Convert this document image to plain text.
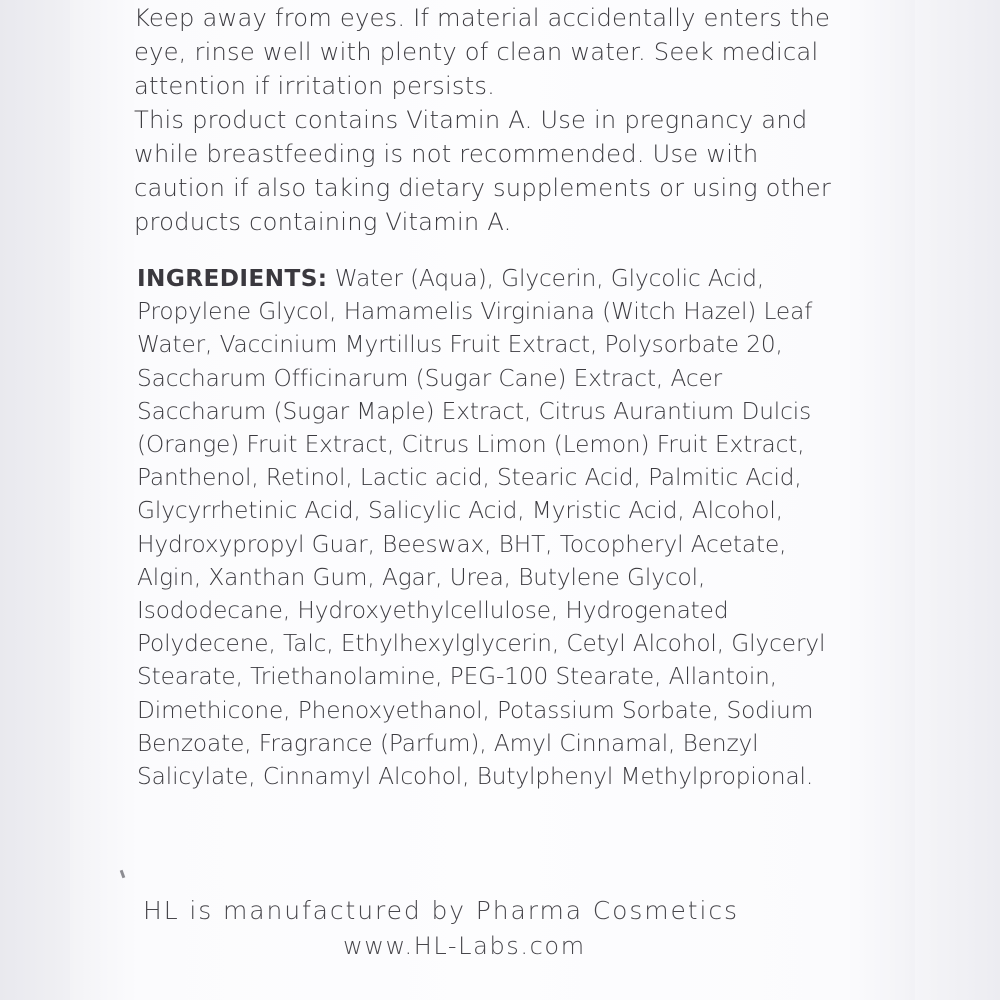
Keep away from eyes. If material accidentally enters the eye, rinse well with plenty of clean water. Seek medical attention if irritation persists.

This product contains Vitamin A. Use in pregnancy and while breastfeeding is not recommended. Use with caution if also taking dietary supplements or using other products containing Vitamin A.

INGREDIENTS: Water (Aqua), Glycerin, Glycolic Acid, Propylene Glycol, Hamamelis Virginiana (Witch Hazel) Leaf Water, Vaccinium Myrtillus Fruit Extract, Polysorbate 20, Saccharum Officinarum (Sugar Cane) Extract, Acer Saccharum (Sugar Maple) Extract, Citrus Aurantium Dulcis (Orange) Fruit Extract, Citrus Limon (Lemon) Fruit Extract, Panthenol, Retinol, Lactic acid, Stearic Acid, Palmitic Acid, Glycyrrhetinic Acid, Salicylic Acid, Myristic Acid, Alcohol, Hydroxypropyl Guar, Beeswax, BHT, Tocopheryl Acetate, Algin, Xanthan Gum, Agar, Urea, Butylene Glycol, Isododecane, Hydroxyethylcellulose, Hydrogenated Polydecene, Talc, Ethylhexylglycerin, Cetyl Alcohol, Glyceryl Stearate, Triethanolamine, PEG-100 Stearate, Allantoin, Dimethicone, Phenoxyethanol, Potassium Sorbate, Sodium Benzoate, Fragrance (Parfum), Amyl Cinnamal, Benzyl Salicylate, Cinnamyl Alcohol, Butylphenyl Methylpropional.
HL is manufactured by Pharma Cosmetics
www.HL-Labs.com
